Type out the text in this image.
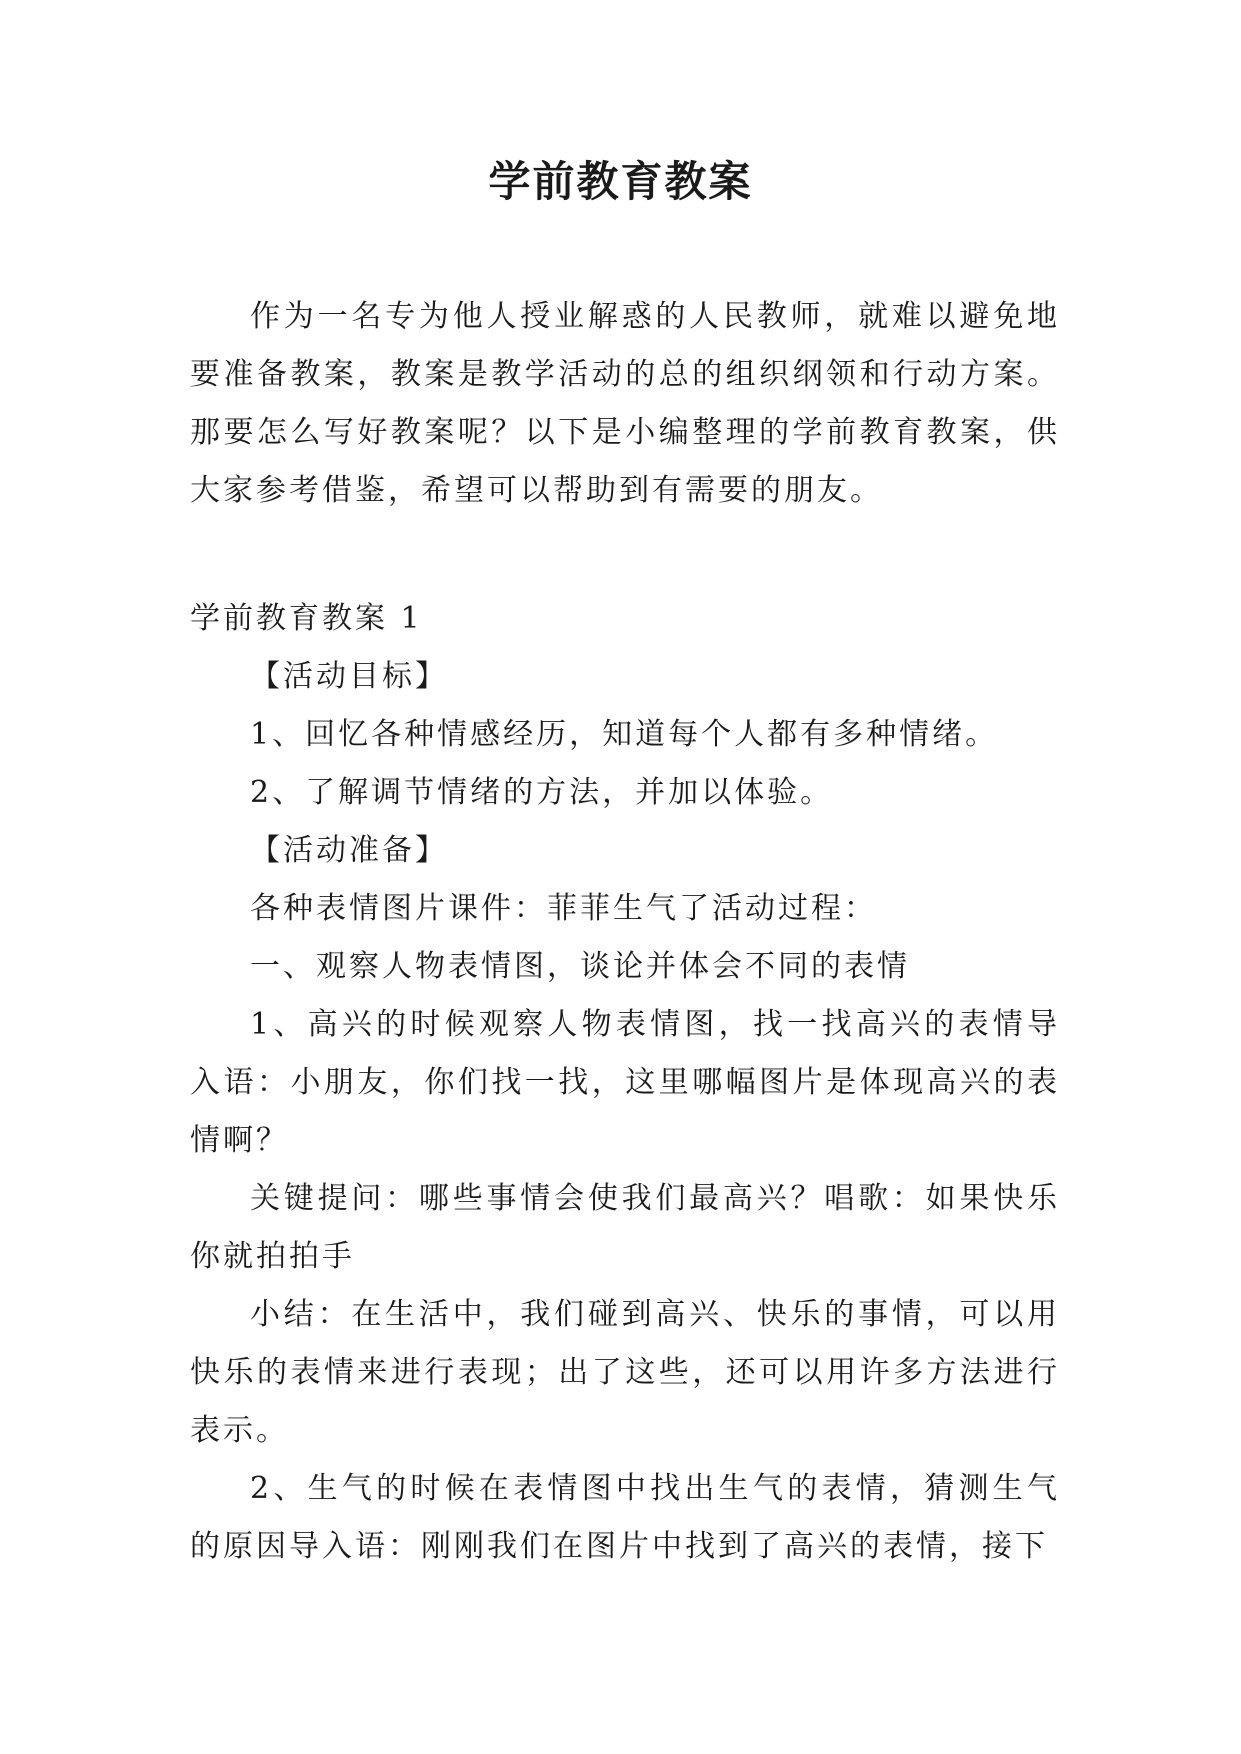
学前教育教案

作为一名专为他人授业解惑的人民教师，就难以避免地要准备教案，教案是教学活动的总的组织纲领和行动方案。那要怎么写好教案呢？以下是小编整理的学前教育教案，供大家参考借鉴，希望可以帮助到有需要的朋友。

学前教育教案 1

【活动目标】

1、回忆各种情感经历，知道每个人都有多种情绪。

2、了解调节情绪的方法，并加以体验。

【活动准备】

各种表情图片课件：菲菲生气了活动过程：

一、观察人物表情图，谈论并体会不同的表情

1、高兴的时候观察人物表情图，找一找高兴的表情导入语：小朋友，你们找一找，这里哪幅图片是体现高兴的表情啊？

关键提问：哪些事情会使我们最高兴？唱歌：如果快乐你就拍拍手

小结：在生活中，我们碰到高兴、快乐的事情，可以用快乐的表情来进行表现；出了这些，还可以用许多方法进行表示。

2、生气的时候在表情图中找出生气的表情，猜测生气的原因导入语：刚刚我们在图片中找到了高兴的表情，接下
